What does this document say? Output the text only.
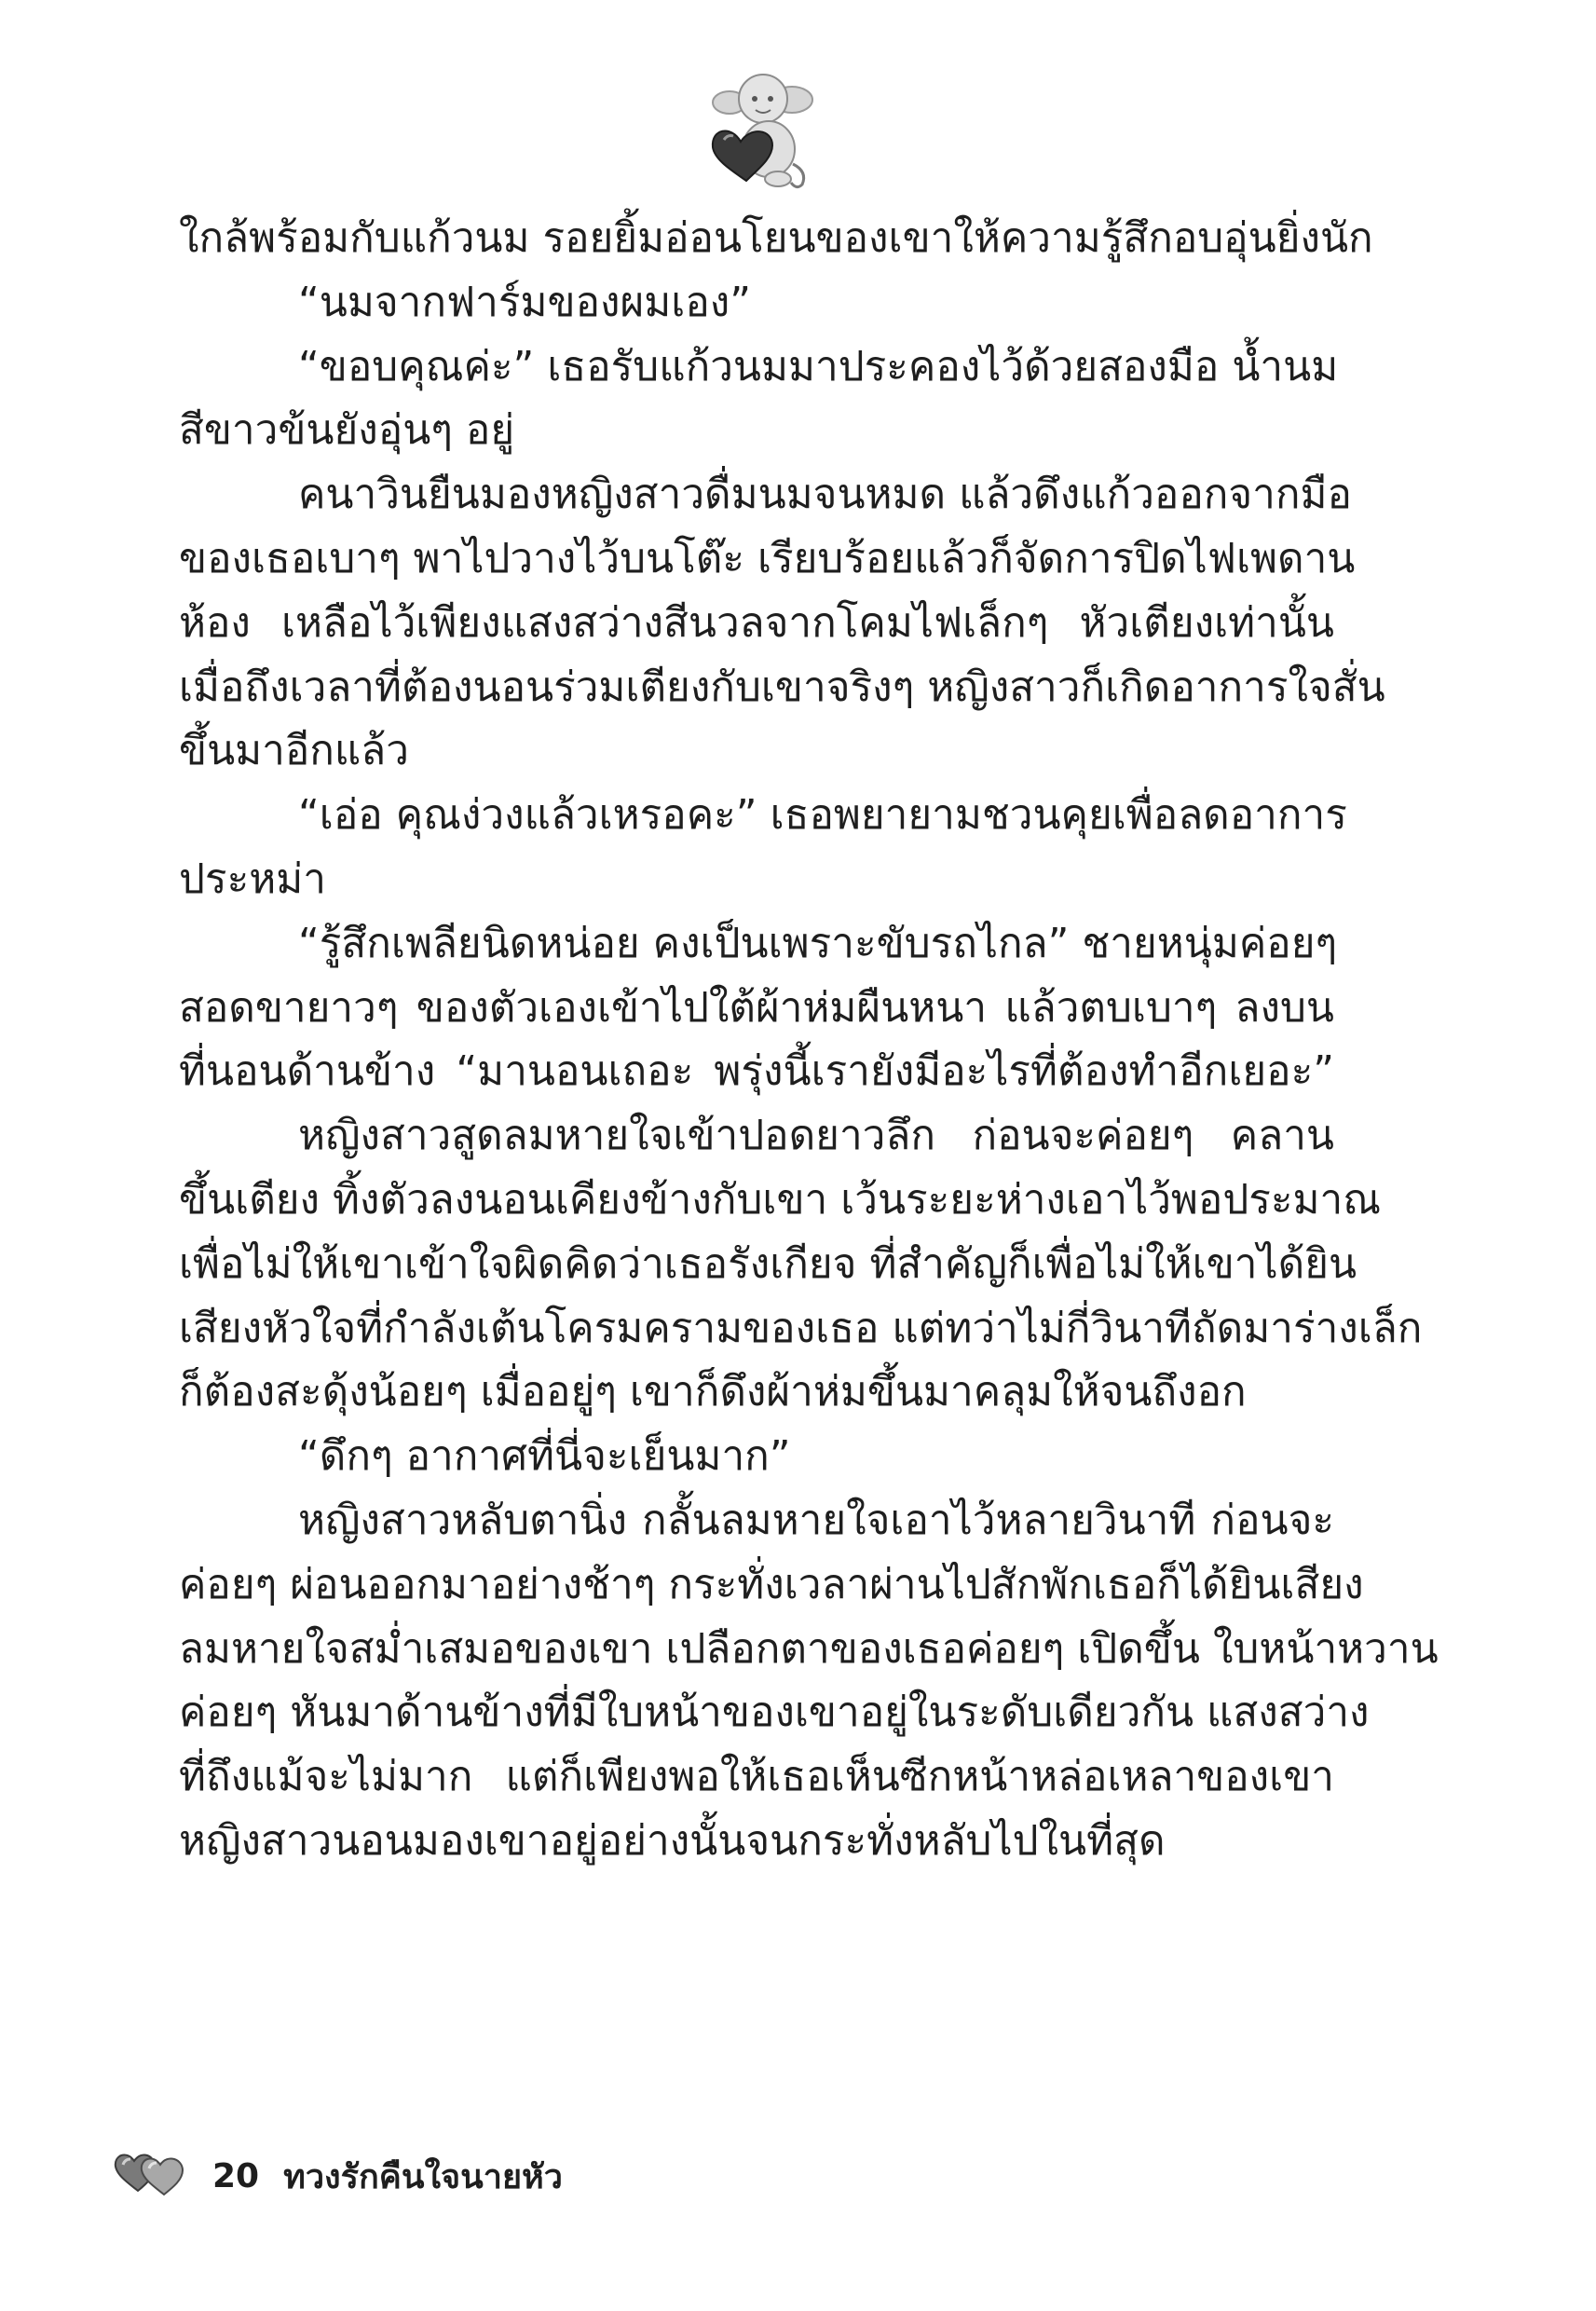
ใกล้พร้อมกับแก้วนม รอยยิ้มอ่อนโยนของเขาให้ความรู้สึกอบอุ่นยิ่งนัก
“นมจากฟาร์มของผมเอง”
“ขอบคุณค่ะ” เธอรับแก้วนมมาประคองไว้ด้วยสองมือ น้ำนม
สีขาวข้นยังอุ่นๆ อยู่
คนาวินยืนมองหญิงสาวดื่มนมจนหมด แล้วดึงแก้วออกจากมือ
ของเธอเบาๆ พาไปวางไว้บนโต๊ะ เรียบร้อยแล้วก็จัดการปิดไฟเพดาน
ห้อง เหลือไว้เพียงแสงสว่างสีนวลจากโคมไฟเล็กๆ หัวเตียงเท่านั้น
เมื่อถึงเวลาที่ต้องนอนร่วมเตียงกับเขาจริงๆ หญิงสาวก็เกิดอาการใจสั่น
ขึ้นมาอีกแล้ว
“เอ่อ คุณง่วงแล้วเหรอคะ” เธอพยายามชวนคุยเพื่อลดอาการ
ประหม่า
“รู้สึกเพลียนิดหน่อย คงเป็นเพราะขับรถไกล” ชายหนุ่มค่อยๆ
สอดขายาวๆ ของตัวเองเข้าไปใต้ผ้าห่มผืนหนา แล้วตบเบาๆ ลงบน
ที่นอนด้านข้าง “มานอนเถอะ พรุ่งนี้เรายังมีอะไรที่ต้องทำอีกเยอะ”
หญิงสาวสูดลมหายใจเข้าปอดยาวลึก ก่อนจะค่อยๆ คลาน
ขึ้นเตียง ทิ้งตัวลงนอนเคียงข้างกับเขา เว้นระยะห่างเอาไว้พอประมาณ
เพื่อไม่ให้เขาเข้าใจผิดคิดว่าเธอรังเกียจ ที่สำคัญก็เพื่อไม่ให้เขาได้ยิน
เสียงหัวใจที่กำลังเต้นโครมครามของเธอ แต่ทว่าไม่กี่วินาทีถัดมาร่างเล็ก
ก็ต้องสะดุ้งน้อยๆ เมื่ออยู่ๆ เขาก็ดึงผ้าห่มขึ้นมาคลุมให้จนถึงอก
“ดึกๆ อากาศที่นี่จะเย็นมาก”
หญิงสาวหลับตานิ่ง กลั้นลมหายใจเอาไว้หลายวินาที ก่อนจะ
ค่อยๆ ผ่อนออกมาอย่างช้าๆ กระทั่งเวลาผ่านไปสักพักเธอก็ได้ยินเสียง
ลมหายใจสม่ำเสมอของเขา เปลือกตาของเธอค่อยๆ เปิดขึ้น ใบหน้าหวาน
ค่อยๆ หันมาด้านข้างที่มีใบหน้าของเขาอยู่ในระดับเดียวกัน แสงสว่าง
ที่ถึงแม้จะไม่มาก แต่ก็เพียงพอให้เธอเห็นซีกหน้าหล่อเหลาของเขา
หญิงสาวนอนมองเขาอยู่อย่างนั้นจนกระทั่งหลับไปในที่สุด
20 ทวงรักคืนใจนายหัว
